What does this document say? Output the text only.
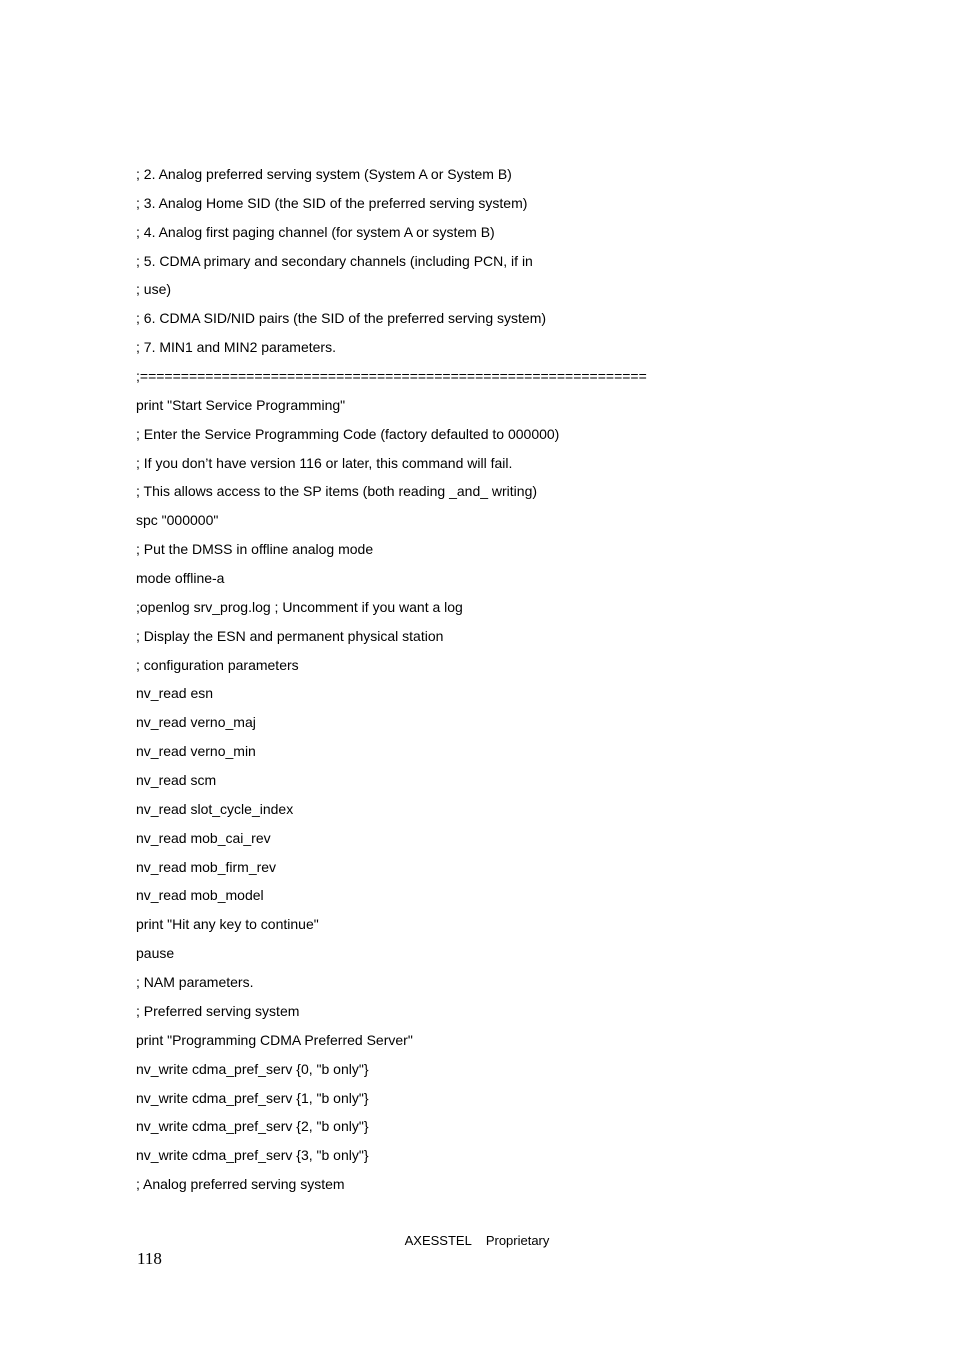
; 2. Analog preferred serving system (System A or System B)
; 3. Analog Home SID (the SID of the preferred serving system)
; 4. Analog first paging channel (for system A or system B)
; 5. CDMA primary and secondary channels (including PCN, if in
; use)
; 6. CDMA SID/NID pairs (the SID of the preferred serving system)
; 7. MIN1 and MIN2 parameters.
;==============================================================
print "Start Service Programming"
; Enter the Service Programming Code (factory defaulted to 000000)
; If you don’t have version 116 or later, this command will fail.
; This allows access to the SP items (both reading _and_ writing)
spc "000000"
; Put the DMSS in offline analog mode
mode offline-a
;openlog srv_prog.log ; Uncomment if you want a log
; Display the ESN and permanent physical station
; configuration parameters
nv_read esn
nv_read verno_maj
nv_read verno_min
nv_read scm
nv_read slot_cycle_index
nv_read mob_cai_rev
nv_read mob_firm_rev
nv_read mob_model
print "Hit any key to continue"
pause
; NAM parameters.
; Preferred serving system
print "Programming CDMA Preferred Server"
nv_write cdma_pref_serv {0, "b only"}
nv_write cdma_pref_serv {1, "b only"}
nv_write cdma_pref_serv {2, "b only"}
nv_write cdma_pref_serv {3, "b only"}
; Analog preferred serving system
AXESSTEL Proprietary
118
